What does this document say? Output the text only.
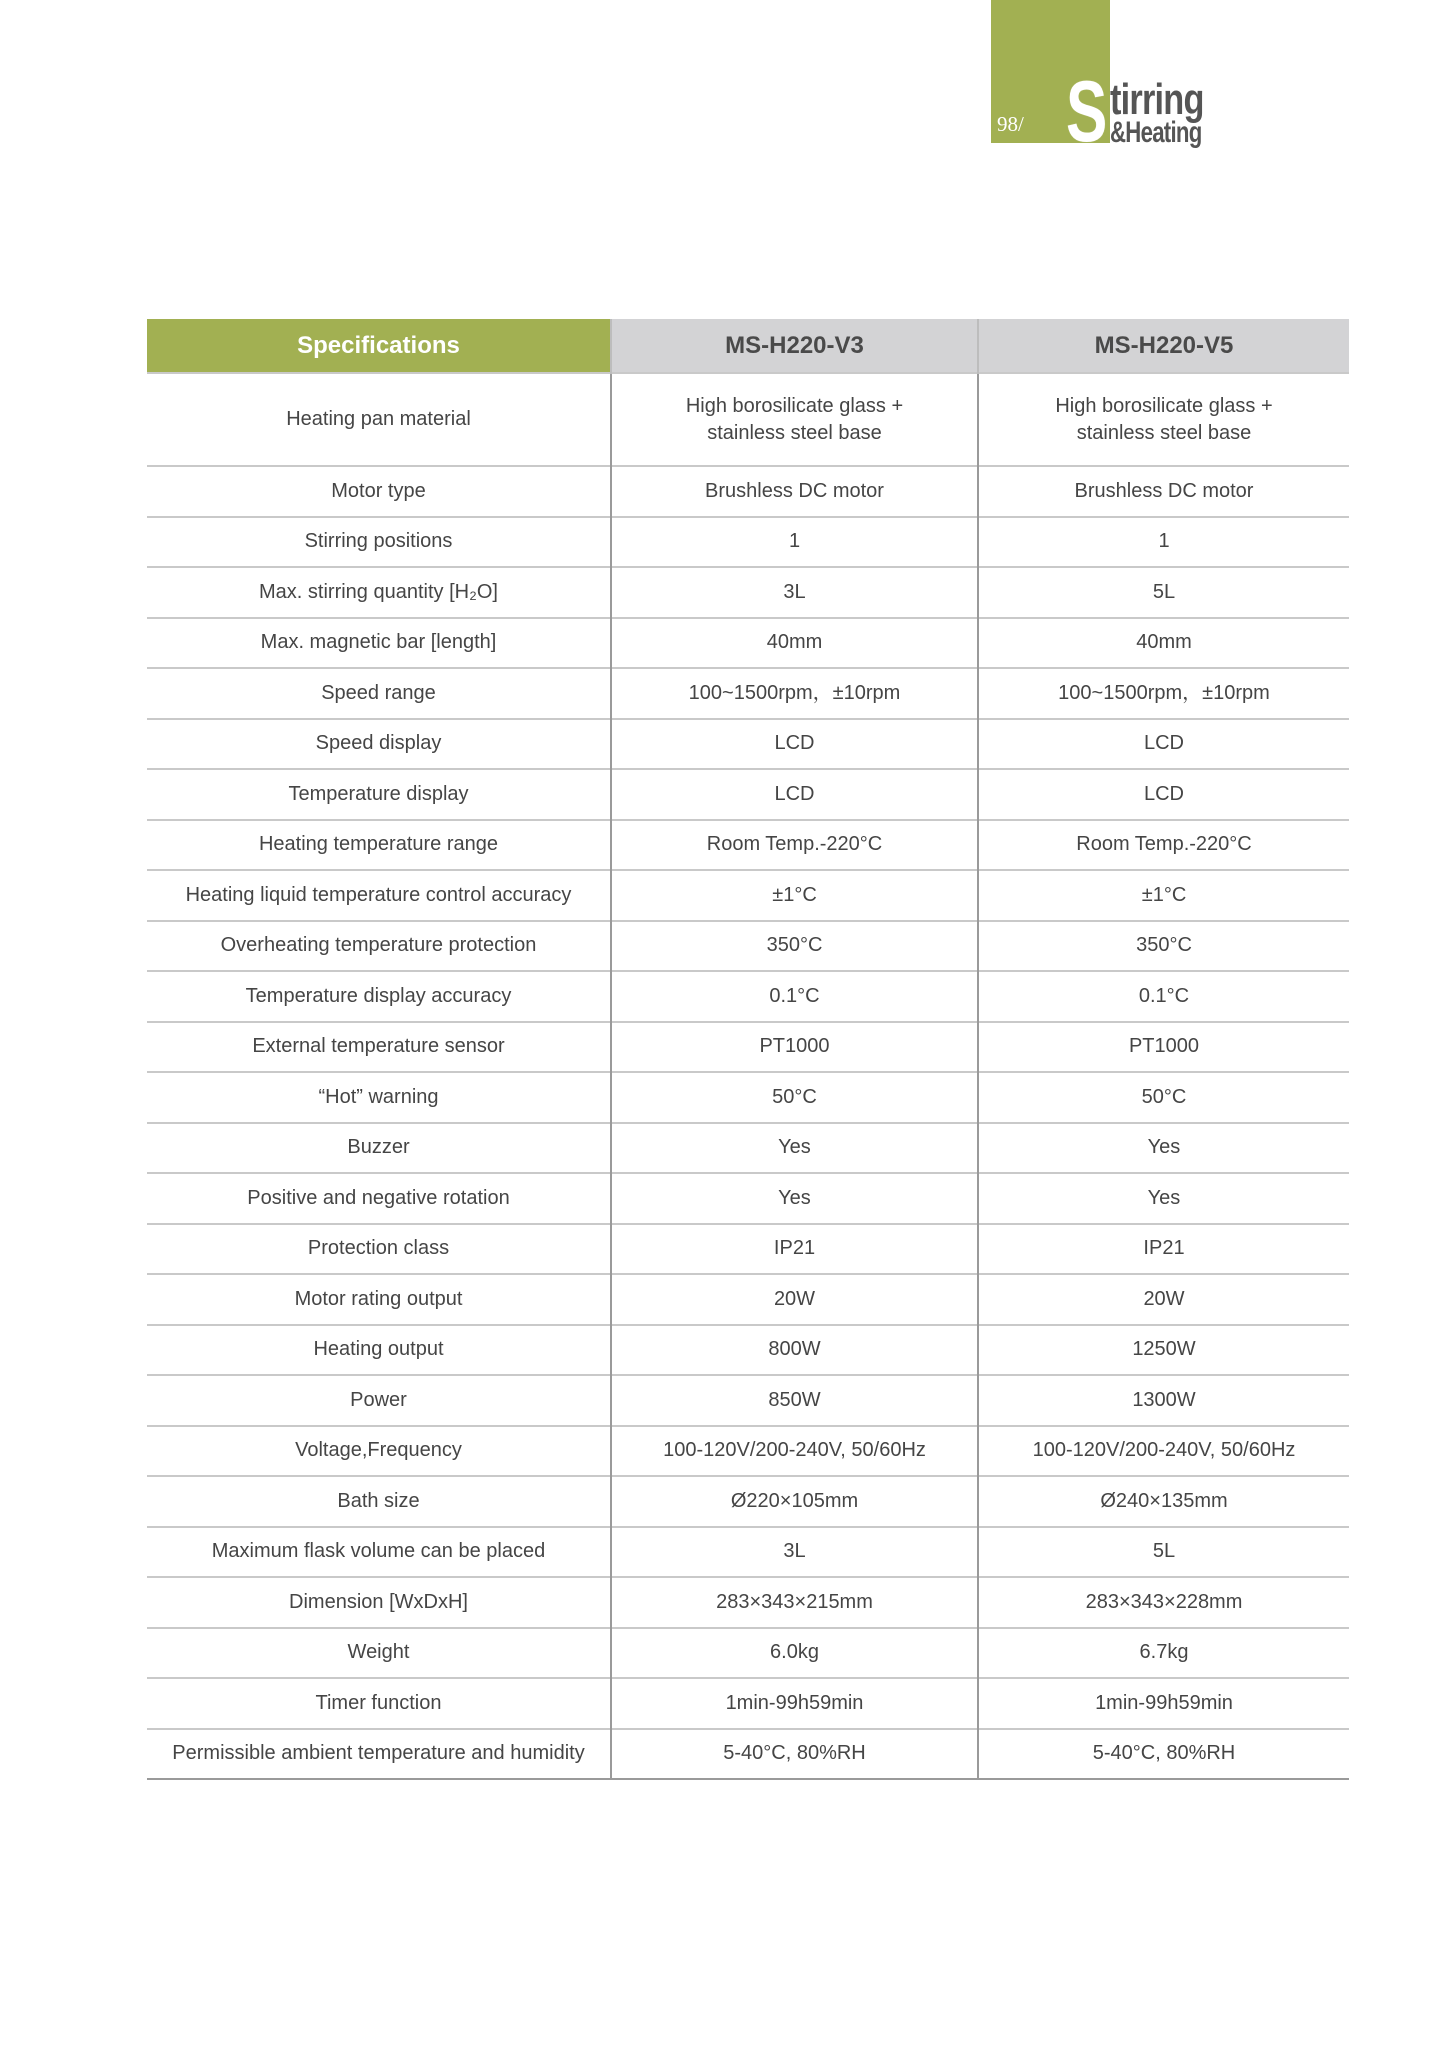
98/ S tirring
&Heating
Specifications	MS-H220-V3	MS-H220-V5
Heating pan material	High borosilicate glass + stainless steel base	High borosilicate glass + stainless steel base
Motor type	Brushless DC motor	Brushless DC motor
Stirring positions	1	1
Max. stirring quantity [H₂O]	3L	5L
Max. magnetic bar [length]	40mm	40mm
Speed range	100~1500rpm，±10rpm	100~1500rpm，±10rpm
Speed display	LCD	LCD
Temperature display	LCD	LCD
Heating temperature range	Room Temp.-220°C	Room Temp.-220°C
Heating liquid temperature control accuracy	±1°C	±1°C
Overheating temperature protection	350°C	350°C
Temperature display accuracy	0.1°C	0.1°C
External temperature sensor	PT1000	PT1000
“Hot” warning	50°C	50°C
Buzzer	Yes	Yes
Positive and negative rotation	Yes	Yes
Protection class	IP21	IP21
Motor rating output	20W	20W
Heating output	800W	1250W
Power	850W	1300W
Voltage,Frequency	100-120V/200-240V, 50/60Hz	100-120V/200-240V, 50/60Hz
Bath size	Ø220×105mm	Ø240×135mm
Maximum flask volume can be placed	3L	5L
Dimension [WxDxH]	283×343×215mm	283×343×228mm
Weight	6.0kg	6.7kg
Timer function	1min-99h59min	1min-99h59min
Permissible ambient temperature and humidity	5-40°C, 80%RH	5-40°C, 80%RH
